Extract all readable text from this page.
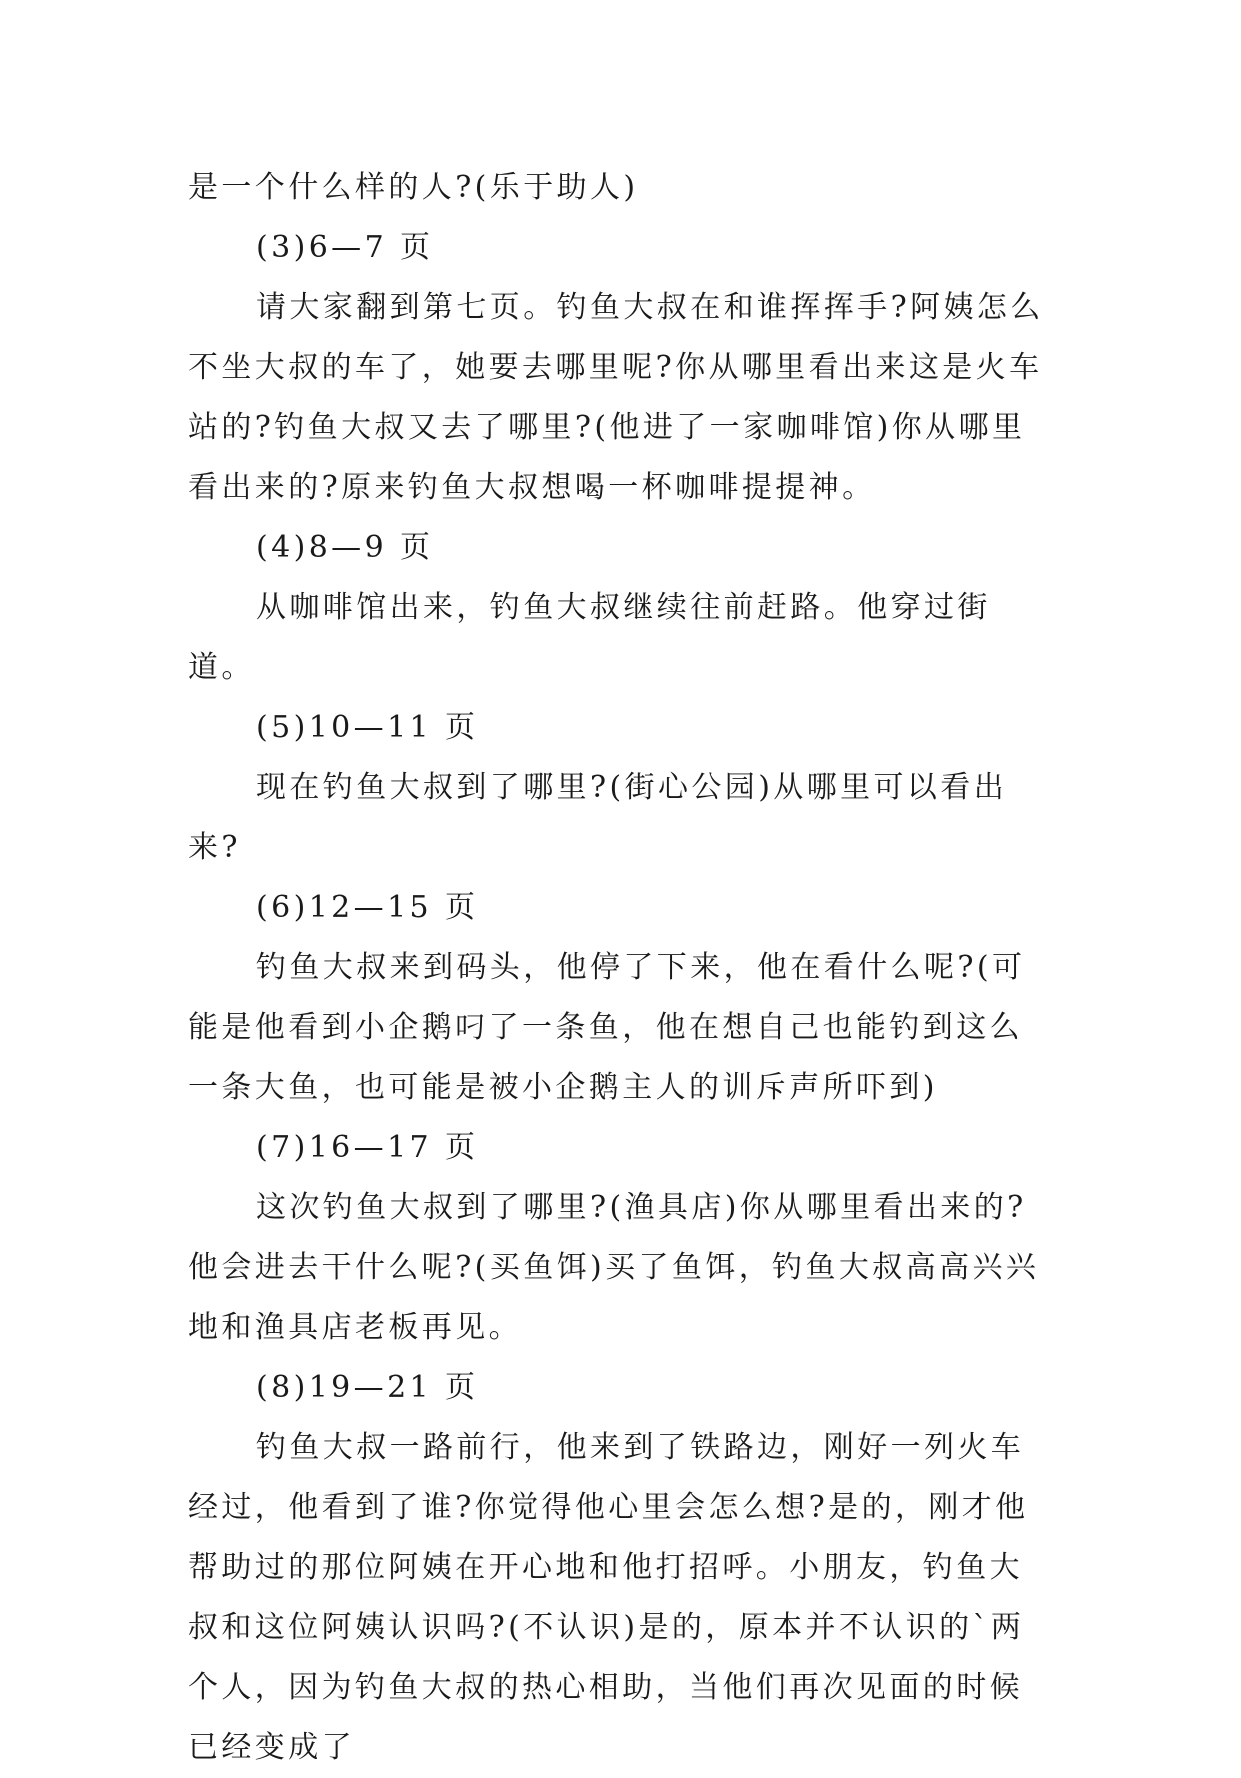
是一个什么样的人?(乐于助人)

(3)6—7 页

请大家翻到第七页。钓鱼大叔在和谁挥挥手?阿姨怎么不坐大叔的车了，她要去哪里呢?你从哪里看出来这是火车站的?钓鱼大叔又去了哪里?(他进了一家咖啡馆)你从哪里看出来的?原来钓鱼大叔想喝一杯咖啡提提神。

(4)8—9 页

从咖啡馆出来，钓鱼大叔继续往前赶路。他穿过街道。

(5)10—11 页

现在钓鱼大叔到了哪里?(街心公园)从哪里可以看出来?

(6)12—15 页

钓鱼大叔来到码头，他停了下来，他在看什么呢?(可能是他看到小企鹅叼了一条鱼，他在想自己也能钓到这么一条大鱼，也可能是被小企鹅主人的训斥声所吓到)

(7)16—17 页

这次钓鱼大叔到了哪里?(渔具店)你从哪里看出来的?他会进去干什么呢?(买鱼饵)买了鱼饵，钓鱼大叔高高兴兴地和渔具店老板再见。

(8)19—21 页

钓鱼大叔一路前行，他来到了铁路边，刚好一列火车经过，他看到了谁?你觉得他心里会怎么想?是的，刚才他帮助过的那位阿姨在开心地和他打招呼。小朋友，钓鱼大叔和这位阿姨认识吗?(不认识)是的，原本并不认识的`两个人，因为钓鱼大叔的热心相助，当他们再次见面的时候已经变成了
